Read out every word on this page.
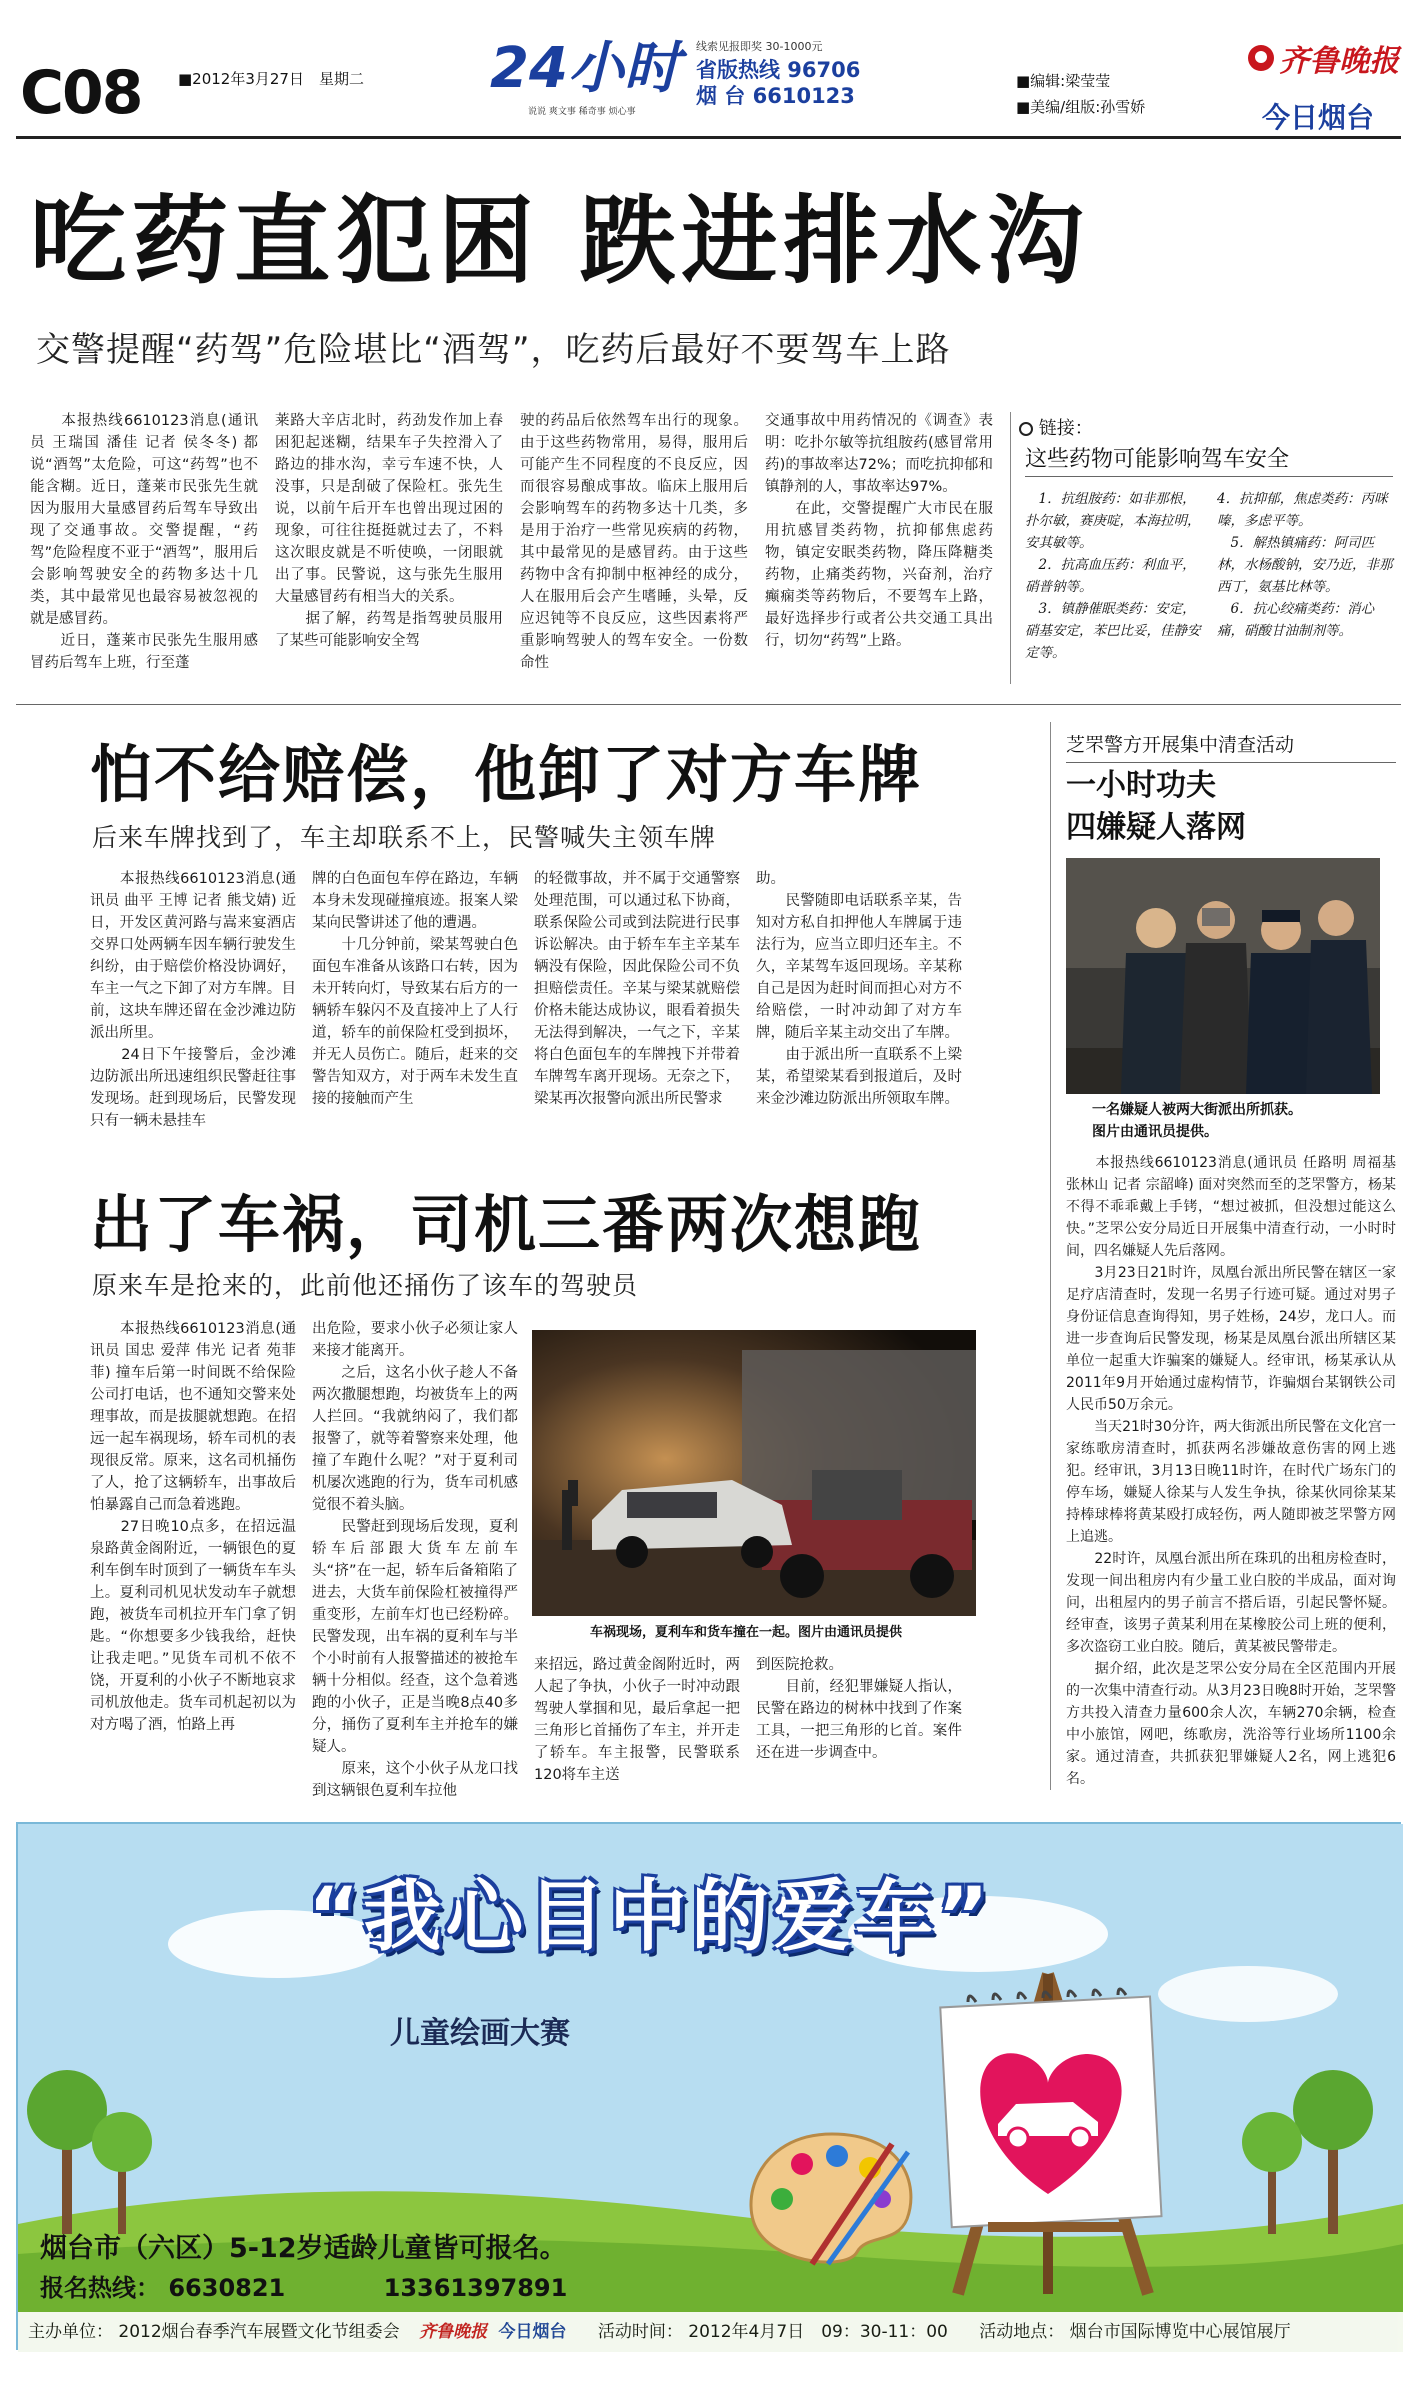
C08 ■2012年3月27日　星期二 24小时
说说 爽文事 稀奇事 烦心事
线索见报即奖 30-1000元
省版热线 96706
烟 台 6610123
■编辑:梁莹莹
■美编/组版:孙雪娇
齐鲁晚报
今日烟台
吃药直犯困 跌进排水沟
交警提醒“药驾”危险堪比“酒驾”，吃药后最好不要驾车上路
　　本报热线6610123消息(通讯员 王瑞国 潘佳 记者 侯冬冬) 都说“酒驾”太危险，可这“药驾”也不能含糊。近日，蓬莱市民张先生就因为服用大量感冒药后驾车导致出现了交通事故。交警提醒，“药驾”危险程度不亚于“酒驾”，服用后会影响驾驶安全的药物多达十几类，其中最常见也最容易被忽视的就是感冒药。
　　近日，蓬莱市民张先生服用感冒药后驾车上班，行至蓬
莱路大辛店北时，药劲发作加上春困犯起迷糊，结果车子失控滑入了路边的排水沟，幸亏车速不快，人没事，只是刮破了保险杠。张先生说，以前午后开车也曾出现过困的现象，可往往挺挺就过去了，不料这次眼皮就是不听使唤，一闭眼就出了事。民警说，这与张先生服用大量感冒药有相当大的关系。
　　据了解，药驾是指驾驶员服用了某些可能影响安全驾
驶的药品后依然驾车出行的现象。由于这些药物常用，易得，服用后可能产生不同程度的不良反应，因而很容易酿成事故。临床上服用后会影响驾车的药物多达十几类，多是用于治疗一些常见疾病的药物，其中最常见的是感冒药。由于这些药物中含有抑制中枢神经的成分，人在服用后会产生嗜睡，头晕，反应迟钝等不良反应，这些因素将严重影响驾驶人的驾车安全。一份数命性
交通事故中用药情况的《调查》表明：吃扑尔敏等抗组胺药(感冒常用药)的事故率达72%；而吃抗抑郁和镇静剂的人，事故率达97%。
　　在此，交警提醒广大市民在服用抗感冒类药物，抗抑郁焦虑药物，镇定安眠类药物，降压降糖类药物，止痛类药物，兴奋剂，治疗癫痫类等药物后，不要驾车上路，最好选择步行或者公共交通工具出行，切勿“药驾”上路。
链接：
这些药物可能影响驾车安全
　1．抗组胺药：如非那根，扑尔敏，赛庚啶，本海拉明，安其敏等。
　2．抗高血压药：利血平，硝普钠等。
　3．镇静催眠类药：安定，硝基安定，苯巴比妥，佳静安定等。
4．抗抑郁，焦虑类药：丙咪嗪，多虑平等。
　5．解热镇痛药：阿司匹林，水杨酸钠，安乃近，非那西丁，氨基比林等。
　6．抗心绞痛类药：消心痛，硝酸甘油制剂等。
怕不给赔偿，他卸了对方车牌
后来车牌找到了，车主却联系不上，民警喊失主领车牌
　　本报热线6610123消息(通讯员 曲平 王博 记者 熊戈婧) 近日，开发区黄河路与嵩来宴酒店交界口处两辆车因车辆行驶发生纠纷，由于赔偿价格没协调好，车主一气之下卸了对方车牌。目前，这块车牌还留在金沙滩边防派出所里。
　　24日下午接警后，金沙滩边防派出所迅速组织民警赶往事发现场。赶到现场后，民警发现只有一辆未悬挂车
牌的白色面包车停在路边，车辆本身未发现碰撞痕迹。报案人梁某向民警讲述了他的遭遇。
　　十几分钟前，梁某驾驶白色面包车准备从该路口右转，因为未开转向灯，导致某右后方的一辆轿车躲闪不及直接冲上了人行道，轿车的前保险杠受到损坏，并无人员伤亡。随后，赶来的交警告知双方，对于两车未发生直接的接触而产生
的轻微事故，并不属于交通警察处理范围，可以通过私下协商，联系保险公司或到法院进行民事诉讼解决。由于轿车车主辛某车辆没有保险，因此保险公司不负担赔偿责任。辛某与梁某就赔偿价格未能达成协议，眼看着损失无法得到解决，一气之下，辛某将白色面包车的车牌拽下并带着车牌驾车离开现场。无奈之下，梁某再次报警向派出所民警求
助。
　　民警随即电话联系辛某，告知对方私自扣押他人车牌属于违法行为，应当立即归还车主。不久，辛某驾车返回现场。辛某称自己是因为赶时间而担心对方不给赔偿，一时冲动卸了对方车牌，随后辛某主动交出了车牌。
　　由于派出所一直联系不上梁某，希望梁某看到报道后，及时来金沙滩边防派出所领取车牌。
出了车祸，司机三番两次想跑
原来车是抢来的，此前他还捅伤了该车的驾驶员
　　本报热线6610123消息(通讯员 国忠 爱萍 伟光 记者 苑菲菲) 撞车后第一时间既不给保险公司打电话，也不通知交警来处理事故，而是拔腿就想跑。在招远一起车祸现场，轿车司机的表现很反常。原来，这名司机捅伤了人，抢了这辆轿车，出事故后怕暴露自己而急着逃跑。
　　27日晚10点多，在招远温泉路黄金阁附近，一辆银色的夏利车倒车时顶到了一辆货车车头上。夏利司机见状发动车子就想跑，被货车司机拉开车门拿了钥匙。“你想要多少钱我给，赶快让我走吧。”见货车司机不依不饶，开夏利的小伙子不断地哀求司机放他走。货车司机起初以为对方喝了酒，怕路上再
出危险，要求小伙子必须让家人来接才能离开。
　　之后，这名小伙子趁人不备两次撒腿想跑，均被货车上的两人拦回。“我就纳闷了，我们都报警了，就等着警察来处理，他撞了车跑什么呢？”对于夏利司机屡次逃跑的行为，货车司机感觉很不着头脑。
　　民警赶到现场后发现，夏利轿车后部跟大货车左前车头“挤”在一起，轿车后备箱陷了进去，大货车前保险杠被撞得严重变形，左前车灯也已经粉碎。民警发现，出车祸的夏利车与半个小时前有人报警描述的被抢车辆十分相似。经查，这个急着逃跑的小伙子，正是当晚8点40多分，捅伤了夏利车主并抢车的嫌疑人。
　　原来，这个小伙子从龙口找到这辆银色夏利车拉他
车祸现场，夏利车和货车撞在一起。图片由通讯员提供
来招远，路过黄金阁附近时，两人起了争执，小伙子一时冲动跟驾驶人掌掴和见，最后拿起一把三角形匕首捅伤了车主，并开走了轿车。车主报警，民警联系120将车主送
到医院抢救。
　　目前，经犯罪嫌疑人指认，民警在路边的树林中找到了作案工具，一把三角形的匕首。案件还在进一步调查中。
芝罘警方开展集中清查活动
一小时功夫
四嫌疑人落网
一名嫌疑人被两大街派出所抓获。
图片由通讯员提供。
　　本报热线6610123消息(通讯员 任路明 周福基 张林山 记者 宗韶峰) 面对突然而至的芝罘警方，杨某不得不乖乖戴上手铐，“想过被抓，但没想过能这么快。”芝罘公安分局近日开展集中清查行动，一小时时间，四名嫌疑人先后落网。
　　3月23日21时许，凤凰台派出所民警在辖区一家足疗店清查时，发现一名男子行迹可疑。通过对男子身份证信息查询得知，男子姓杨，24岁，龙口人。而进一步查询后民警发现，杨某是凤凰台派出所辖区某单位一起重大诈骗案的嫌疑人。经审讯，杨某承认从2011年9月开始通过虚构情节，诈骗烟台某钢铁公司人民币50万余元。
　　当天21时30分许，两大街派出所民警在文化宫一家练歌房清查时，抓获两名涉嫌故意伤害的网上逃犯。经审讯，3月13日晚11时许，在时代广场东门的停车场，嫌疑人徐某与人发生争执，徐某伙同徐某某持棒球棒将黄某殴打成轻伤，两人随即被芝罘警方网上追逃。
　　22时许，凤凰台派出所在珠玑的出租房检查时，发现一间出租房内有少量工业白胶的半成品，面对询问，出租屋内的男子前言不搭后语，引起民警怀疑。经审查，该男子黄某利用在某橡胶公司上班的便利，多次盗窃工业白胶。随后，黄某被民警带走。
　　据介绍，此次是芝罘公安分局在全区范围内开展的一次集中清查行动。从3月23日晚8时开始，芝罘警方共投入清查力量600余人次，车辆270余辆，检查中小旅馆，网吧，练歌房，洗浴等行业场所1100余家。通过清查，共抓获犯罪嫌疑人2名，网上逃犯6名。
“我心目中的爱车”
儿童绘画大赛
烟台市（六区）5-12岁适龄儿童皆可报名。
报名热线： 6630821	13361397891
主办单位： 2012烟台春季汽车展暨文化节组委会 齐鲁晚报 今日烟台 活动时间： 2012年4月7日　09：30-11：00 活动地点： 烟台市国际博览中心展馆展厅
